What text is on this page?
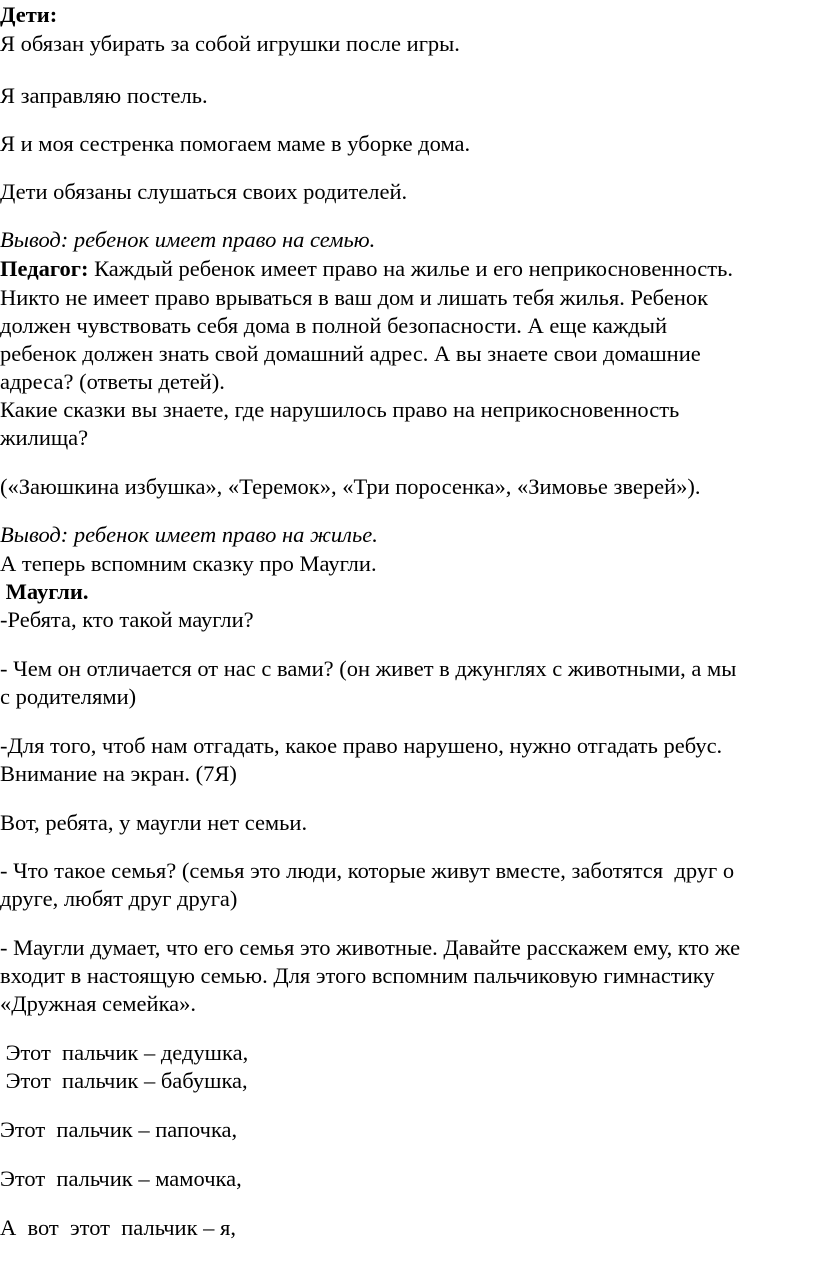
Дети:

Я обязан убирать за собой игрушки после игры.

Я заправляю постель.

Я и моя сестренка помогаем маме в уборке дома.

Дети обязаны слушаться своих родителей.

Вывод: ребенок имеет право на семью.

Педагог: Каждый ребенок имеет право на жилье и его неприкосновенность.

Никто не имеет право врываться в ваш дом и лишать тебя жилья. Ребенок

должен чувствовать себя дома в полной безопасности. А еще каждый

ребенок должен знать свой домашний адрес. А вы знаете свои домашние

адреса? (ответы детей).

Какие сказки вы знаете, где нарушилось право на неприкосновенность

жилища?

(«Заюшкина избушка», «Теремок», «Три поросенка», «Зимовье зверей»).

Вывод: ребенок имеет право на жилье.

А теперь вспомним сказку про Маугли.

Маугли.

-Ребята, кто такой маугли?

- Чем он отличается от нас с вами? (он живет в джунглях с животными, а мы

с родителями)

-Для того, чтоб нам отгадать, какое право нарушено, нужно отгадать ребус.

Внимание на экран. (7Я)

Вот, ребята, у маугли нет семьи.

- Что такое семья? (семья это люди, которые живут вместе, заботятся  друг о

друге, любят друг друга)

- Маугли думает, что его семья это животные. Давайте расскажем ему, кто же

входит в настоящую семью. Для этого вспомним пальчиковую гимнастику

«Дружная семейка».

Этот  пальчик – дедушка,

Этот  пальчик – бабушка,

Этот  пальчик – папочка,

Этот  пальчик – мамочка,

А  вот  этот  пальчик – я,
